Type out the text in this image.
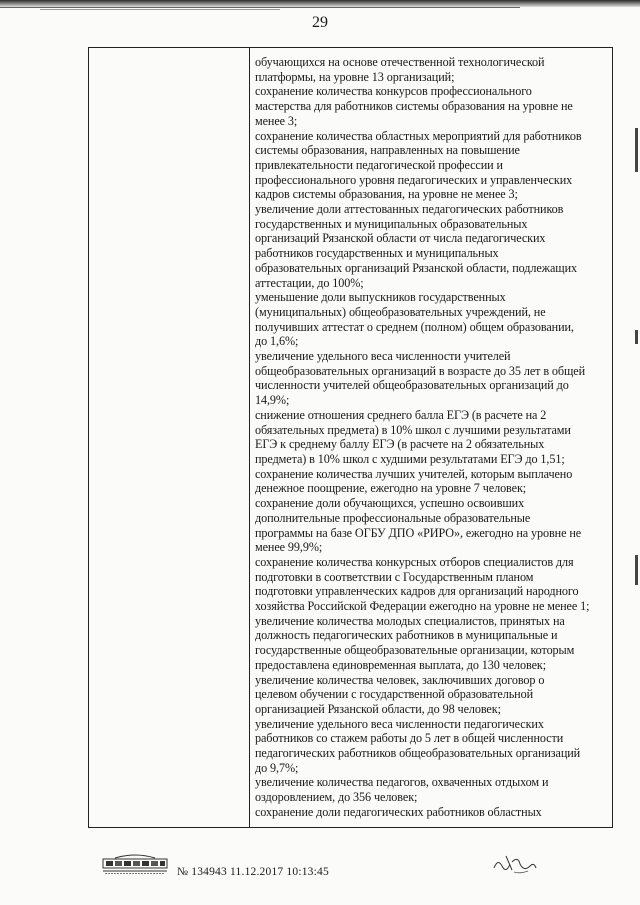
29
обучающихся на основе отечественной технологической
платформы, на уровне 13 организаций;
сохранение количества конкурсов профессионального
мастерства для работников системы образования на уровне не
менее 3;
сохранение количества областных мероприятий для работников
системы образования, направленных на повышение
привлекательности педагогической профессии и
профессионального уровня педагогических и управленческих
кадров системы образования, на уровне не менее 3;
увеличение доли аттестованных педагогических работников
государственных и муниципальных образовательных
организаций Рязанской области от числа педагогических
работников государственных и муниципальных
образовательных организаций Рязанской области, подлежащих
аттестации, до 100%;
уменьшение доли выпускников государственных
(муниципальных) общеобразовательных учреждений, не
получивших аттестат о среднем (полном) общем образовании,
до 1,6%;
увеличение удельного веса численности учителей
общеобразовательных организаций в возрасте до 35 лет в общей
численности учителей общеобразовательных организаций до
14,9%;
снижение отношения среднего балла ЕГЭ (в расчете на 2
обязательных предмета) в 10% школ с лучшими результатами
ЕГЭ к среднему баллу ЕГЭ (в расчете на 2 обязательных
предмета) в 10% школ с худшими результатами ЕГЭ до 1,51;
сохранение количества лучших учителей, которым выплачено
денежное поощрение, ежегодно на уровне 7 человек;
сохранение доли обучающихся, успешно освоивших
дополнительные профессиональные образовательные
программы на базе ОГБУ ДПО «РИРО», ежегодно на уровне не
менее 99,9%;
сохранение количества конкурсных отборов специалистов для
подготовки в соответствии с Государственным планом
подготовки управленческих кадров для организаций народного
хозяйства Российской Федерации ежегодно на уровне не менее 1;
увеличение количества молодых специалистов, принятых на
должность педагогических работников в муниципальные и
государственные общеобразовательные организации, которым
предоставлена единовременная выплата, до 130 человек;
увеличение количества человек, заключивших договор о
целевом обучении с государственной образовательной
организацией Рязанской области, до 98 человек;
увеличение удельного веса численности педагогических
работников со стажем работы до 5 лет в общей численности
педагогических работников общеобразовательных организаций
до 9,7%;
увеличение количества педагогов, охваченных отдыхом и
оздоровлением, до 356 человек;
сохранение доли педагогических работников областных
№ 134943 11.12.2017 10:13:45
